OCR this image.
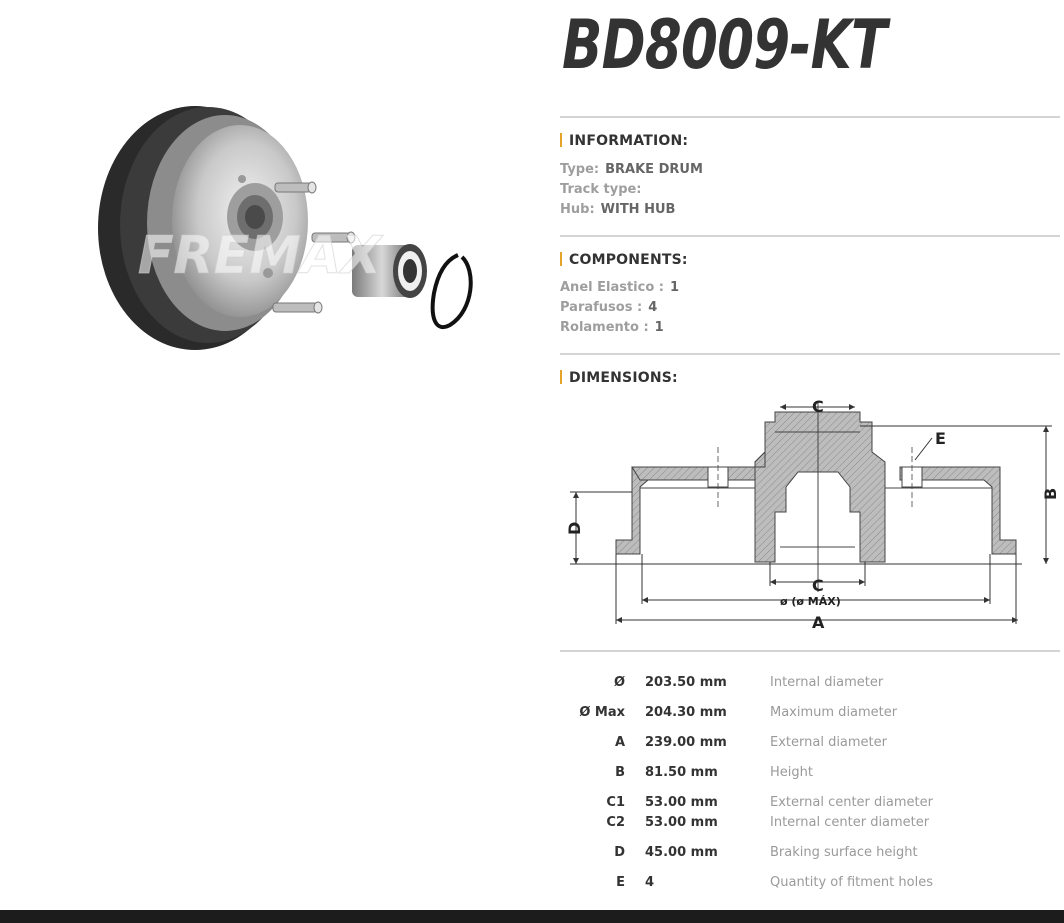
FREMAX
BD8009-KT
INFORMATION:
Type: BRAKE DRUM
Track type:
Hub: WITH HUB
COMPONENTS:
Anel Elastico : 1
Parafusos : 4
Rolamento : 1
DIMENSIONS:
C
E
B
D
C
ø (ø MÁX)
A
Ø 203.50 mm	Internal diameter
Ø Max 204.30 mm	Maximum diameter
A 239.00 mm	External diameter
B 81.50 mm	Height
C1 53.00 mm	External center diameter
C2 53.00 mm	Internal center diameter
D 45.00 mm	Braking surface height
E 4	Quantity of fitment holes
